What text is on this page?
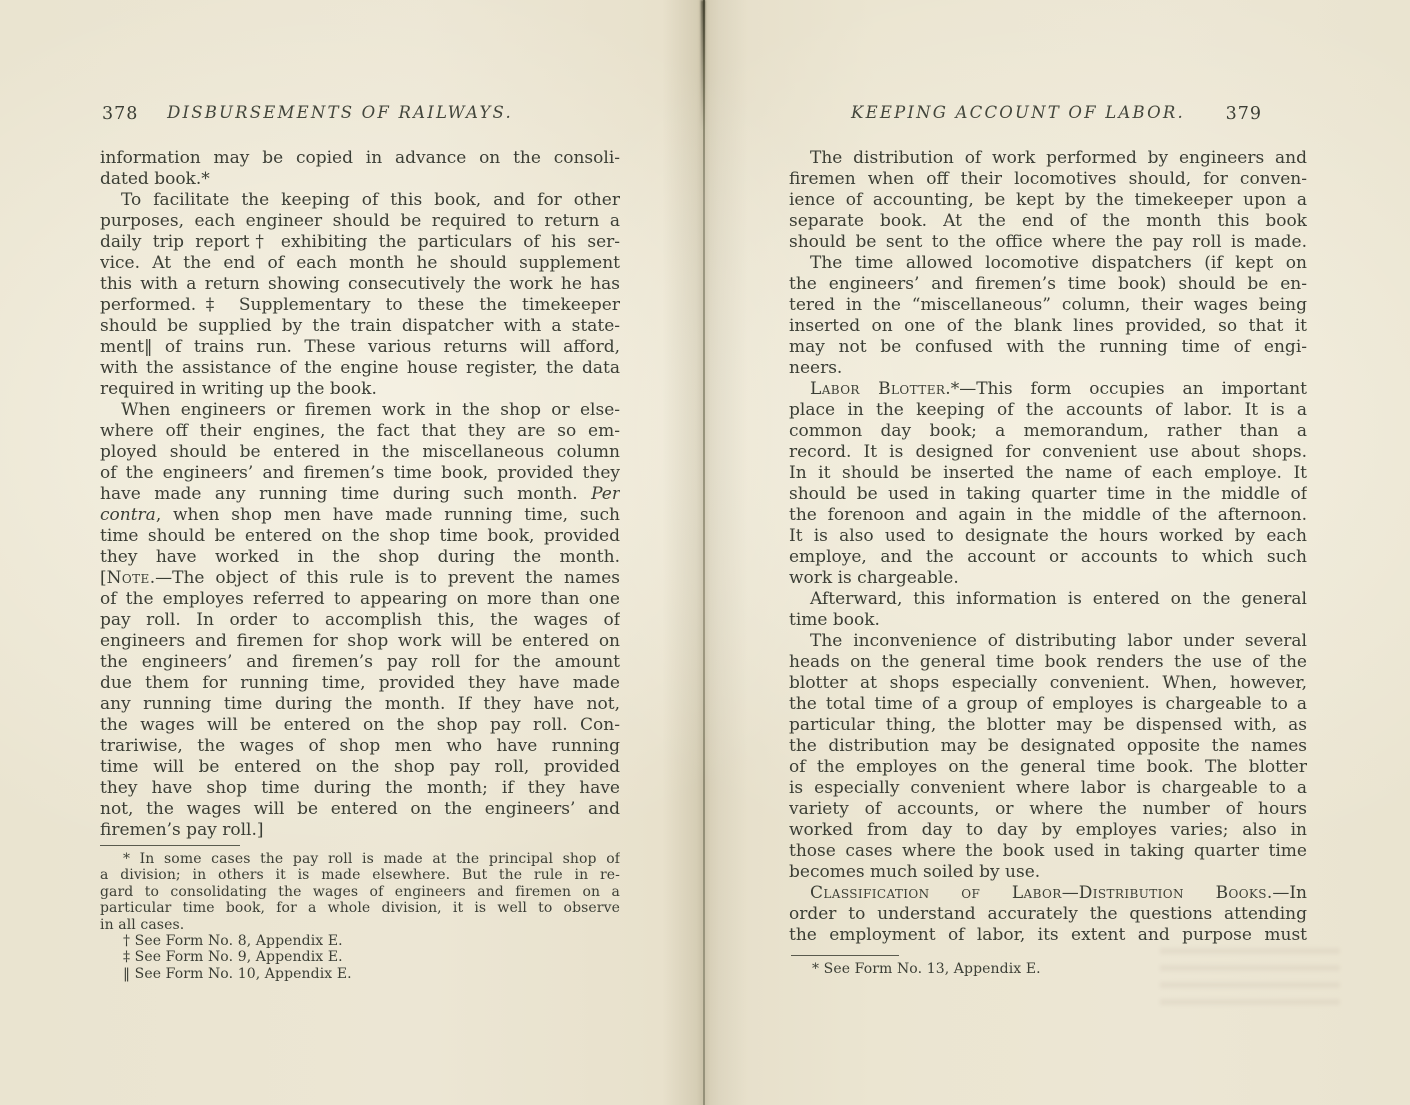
378	DISBURSEMENTS OF RAILWAYS.
information may be copied in advance on the consoli-
dated book.*
To facilitate the keeping of this book, and for other
purposes, each engineer should be required to return a
daily trip report† exhibiting the particulars of his ser-
vice. At the end of each month he should supplement
this with a return showing consecutively the work he has
performed.‡ Supplementary to these the timekeeper
should be supplied by the train dispatcher with a state-
ment‖ of trains run. These various returns will afford,
with the assistance of the engine house register, the data
required in writing up the book.
When engineers or firemen work in the shop or else-
where off their engines, the fact that they are so em-
ployed should be entered in the miscellaneous column
of the engineers’ and firemen’s time book, provided they
have made any running time during such month. Per
contra, when shop men have made running time, such
time should be entered on the shop time book, provided
they have worked in the shop during the month.
[Note.—The object of this rule is to prevent the names
of the employes referred to appearing on more than one
pay roll. In order to accomplish this, the wages of
engineers and firemen for shop work will be entered on
the engineers’ and firemen’s pay roll for the amount
due them for running time, provided they have made
any running time during the month. If they have not,
the wages will be entered on the shop pay roll. Con-
trariwise, the wages of shop men who have running
time will be entered on the shop pay roll, provided
they have shop time during the month; if they have
not, the wages will be entered on the engineers’ and
firemen’s pay roll.]
* In some cases the pay roll is made at the principal shop of
a division; in others it is made elsewhere. But the rule in re-
gard to consolidating the wages of engineers and firemen on a
particular time book, for a whole division, it is well to observe
in all cases.
† See Form No. 8, Appendix E.
‡ See Form No. 9, Appendix E.
‖ See Form No. 10, Appendix E.
379
KEEPING ACCOUNT OF LABOR.
The distribution of work performed by engineers and
firemen when off their locomotives should, for conven-
ience of accounting, be kept by the timekeeper upon a
separate book. At the end of the month this book
should be sent to the office where the pay roll is made.
The time allowed locomotive dispatchers (if kept on
the engineers’ and firemen’s time book) should be en-
tered in the “miscellaneous” column, their wages being
inserted on one of the blank lines provided, so that it
may not be confused with the running time of engi-
neers.
Labor Blotter.*—This form occupies an important
place in the keeping of the accounts of labor. It is a
common day book; a memorandum, rather than a
record. It is designed for convenient use about shops.
In it should be inserted the name of each employe. It
should be used in taking quarter time in the middle of
the forenoon and again in the middle of the afternoon.
It is also used to designate the hours worked by each
employe, and the account or accounts to which such
work is chargeable.
Afterward, this information is entered on the general
time book.
The inconvenience of distributing labor under several
heads on the general time book renders the use of the
blotter at shops especially convenient. When, however,
the total time of a group of employes is chargeable to a
particular thing, the blotter may be dispensed with, as
the distribution may be designated opposite the names
of the employes on the general time book. The blotter
is especially convenient where labor is chargeable to a
variety of accounts, or where the number of hours
worked from day to day by employes varies; also in
those cases where the book used in taking quarter time
becomes much soiled by use.
Classification of Labor—Distribution Books.—In
order to understand accurately the questions attending
the employment of labor, its extent and purpose must
* See Form No. 13, Appendix E.
